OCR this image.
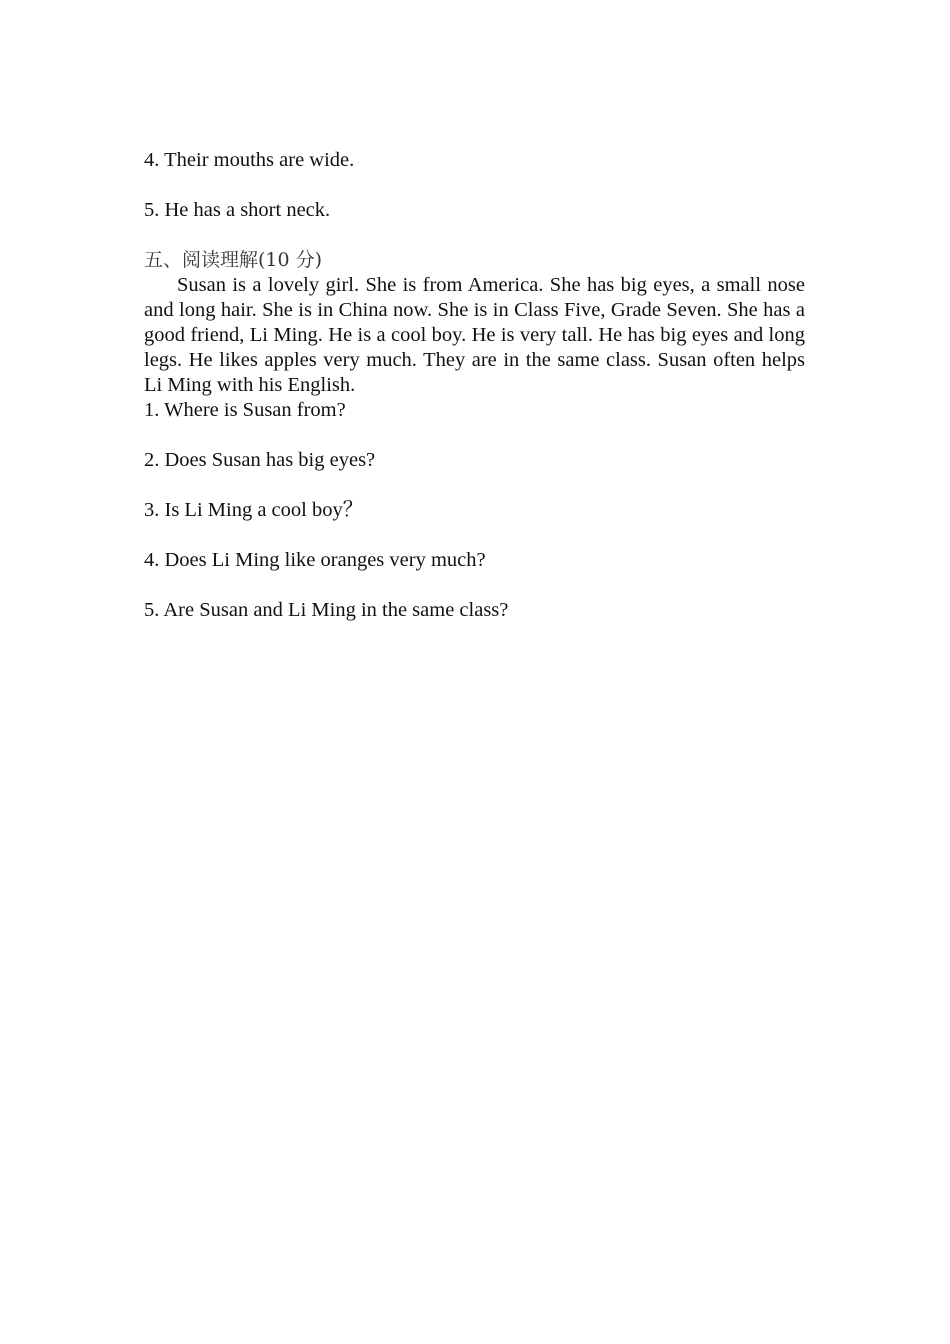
4. Their mouths are wide.

5. He has a short neck.

五、阅读理解(10 分)

Susan is a lovely girl. She is from America. She has big eyes, a small nose and long hair. She is in China now. She is in Class Five, Grade Seven. She has a good friend, Li Ming. He is a cool boy. He is very tall. He has big eyes and long legs. He likes apples very much. They are in the same class. Susan often helps Li Ming with his English.

1. Where is Susan from?

2. Does Susan has big eyes?

3. Is Li Ming a cool boy？

4. Does Li Ming like oranges very much?

5. Are Susan and Li Ming in the same class?
